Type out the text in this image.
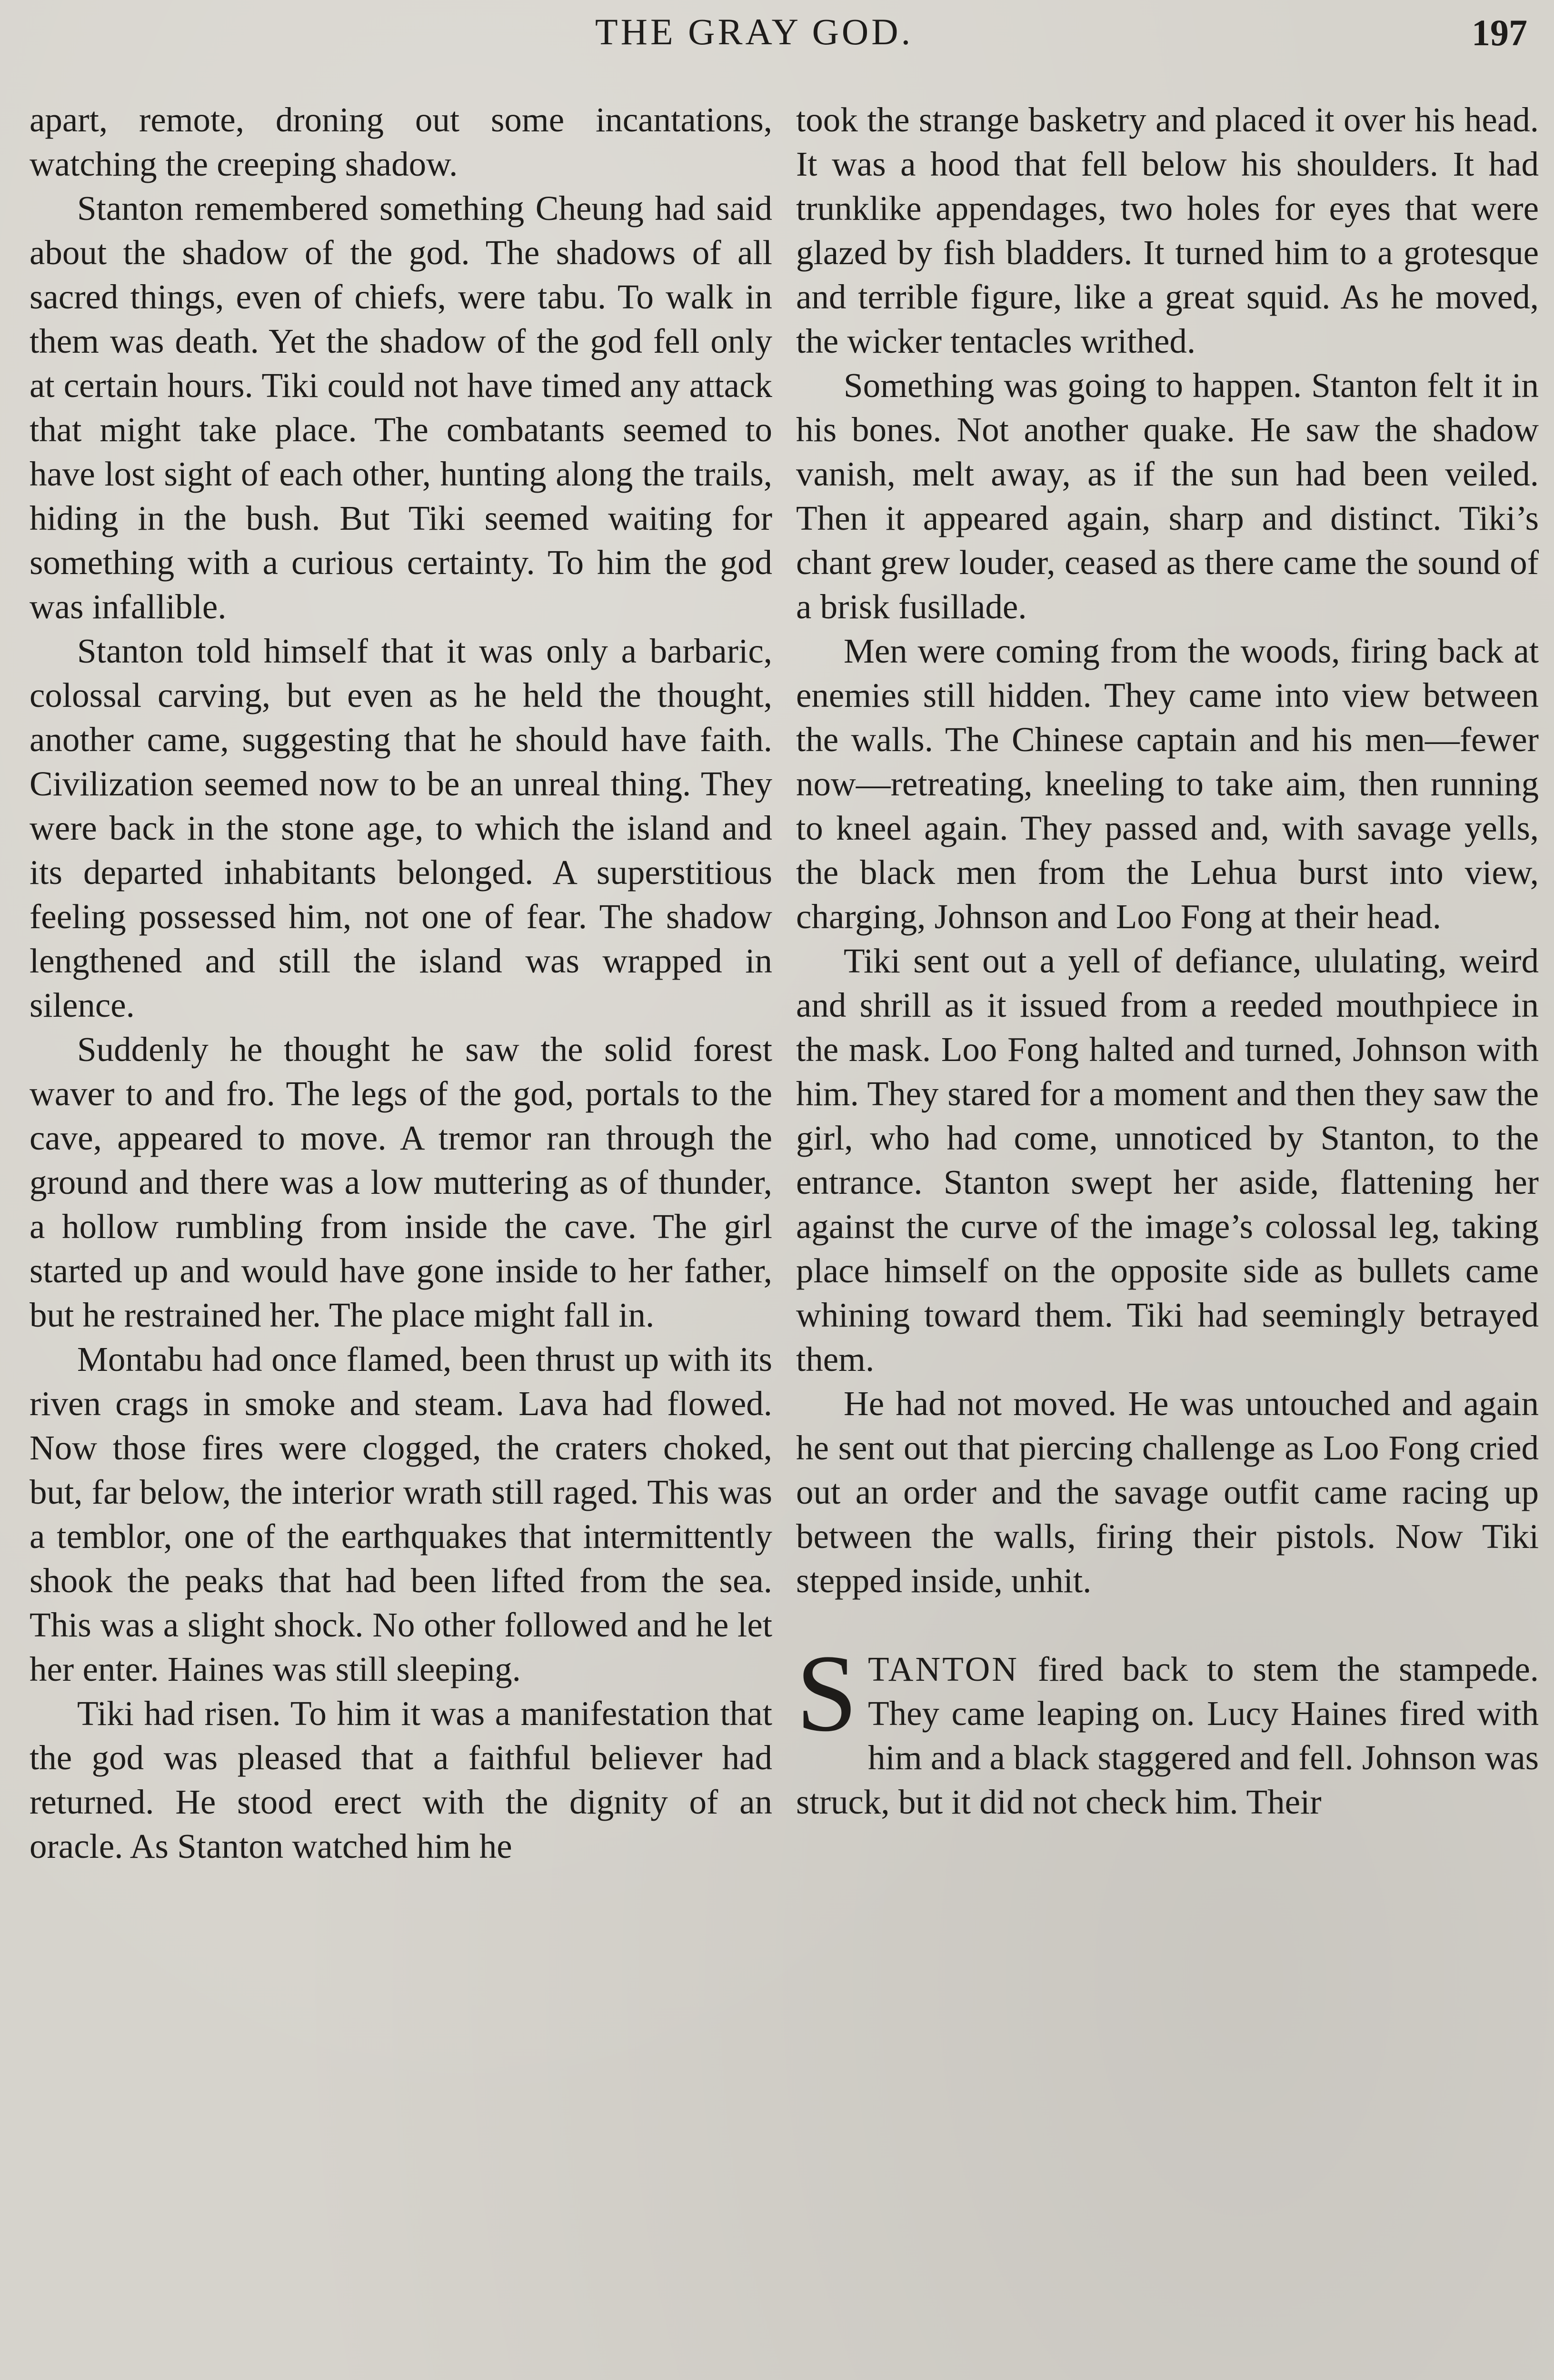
THE GRAY GOD.	197

apart, remote, droning out some incantations, watching the creeping shadow.

Stanton remembered something Cheung had said about the shadow of the god. The shadows of all sacred things, even of chiefs, were tabu. To walk in them was death. Yet the shadow of the god fell only at certain hours. Tiki could not have timed any attack that might take place. The combatants seemed to have lost sight of each other, hunting along the trails, hiding in the bush. But Tiki seemed waiting for something with a curious certainty. To him the god was infallible.

Stanton told himself that it was only a barbaric, colossal carving, but even as he held the thought, another came, suggesting that he should have faith. Civilization seemed now to be an unreal thing. They were back in the stone age, to which the island and its departed inhabitants belonged. A superstitious feeling possessed him, not one of fear. The shadow lengthened and still the island was wrapped in silence.

Suddenly he thought he saw the solid forest waver to and fro. The legs of the god, portals to the cave, appeared to move. A tremor ran through the ground and there was a low muttering as of thunder, a hollow rumbling from inside the cave. The girl started up and would have gone inside to her father, but he restrained her. The place might fall in.

Montabu had once flamed, been thrust up with its riven crags in smoke and steam. Lava had flowed. Now those fires were clogged, the craters choked, but, far below, the interior wrath still raged. This was a temblor, one of the earthquakes that intermittently shook the peaks that had been lifted from the sea. This was a slight shock. No other followed and he let her enter. Haines was still sleeping.

Tiki had risen. To him it was a manifestation that the god was pleased that a faithful believer had returned. He stood erect with the dignity of an oracle. As Stanton watched him he

took the strange basketry and placed it over his head. It was a hood that fell below his shoulders. It had trunklike appendages, two holes for eyes that were glazed by fish bladders. It turned him to a grotesque and terrible figure, like a great squid. As he moved, the wicker tentacles writhed.

Something was going to happen. Stanton felt it in his bones. Not another quake. He saw the shadow vanish, melt away, as if the sun had been veiled. Then it appeared again, sharp and distinct. Tiki’s chant grew louder, ceased as there came the sound of a brisk fusillade.

Men were coming from the woods, firing back at enemies still hidden. They came into view between the walls. The Chinese captain and his men—fewer now—retreating, kneeling to take aim, then running to kneel again. They passed and, with savage yells, the black men from the Lehua burst into view, charging, Johnson and Loo Fong at their head.

Tiki sent out a yell of defiance, ululating, weird and shrill as it issued from a reeded mouthpiece in the mask. Loo Fong halted and turned, Johnson with him. They stared for a moment and then they saw the girl, who had come, unnoticed by Stanton, to the entrance. Stanton swept her aside, flattening her against the curve of the image’s colossal leg, taking place himself on the opposite side as bullets came whining toward them. Tiki had seemingly betrayed them.

He had not moved. He was untouched and again he sent out that piercing challenge as Loo Fong cried out an order and the savage outfit came racing up between the walls, firing their pistols. Now Tiki stepped inside, unhit.

STANTON fired back to stem the stampede. They came leaping on. Lucy Haines fired with him and a black staggered and fell. Johnson was struck, but it did not check him. Their
